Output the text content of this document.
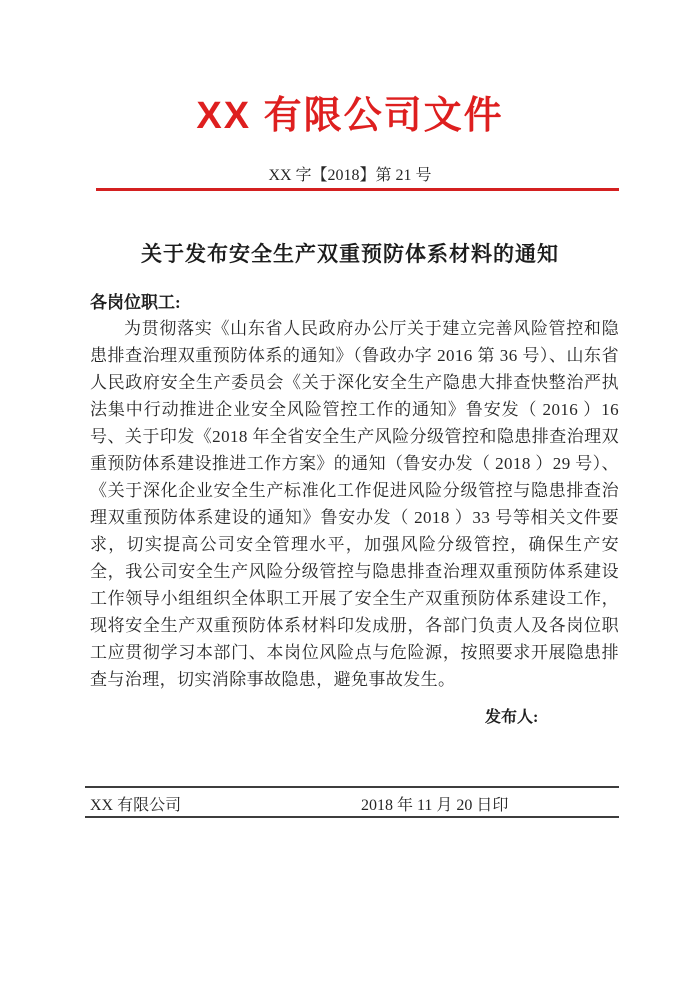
XX 有限公司文件
XX 字【2018】第 21 号
关于发布安全生产双重预防体系材料的通知
各岗位职工:

为贯彻落实《山东省人民政府办公厅关于建立完善风险管控和隐患排查治理双重预防体系的通知》（鲁政办字 2016 第 36 号）、山东省人民政府安全生产委员会《关于深化安全生产隐患大排查快整治严执法集中行动推进企业安全风险管控工作的通知》鲁安发（ 2016 ）16 号、关于印发《2018 年全省安全生产风险分级管控和隐患排查治理双重预防体系建设推进工作方案》的通知（鲁安办发（ 2018 ）29 号）、《关于深化企业安全生产标准化工作促进风险分级管控与隐患排查治理双重预防体系建设的通知》鲁安办发（ 2018 ）33 号等相关文件要求，切实提高公司安全管理水平，加强风险分级管控，确保生产安全，我公司安全生产风险分级管控与隐患排查治理双重预防体系建设工作领导小组组织全体职工开展了安全生产双重预防体系建设工作，现将安全生产双重预防体系材料印发成册，各部门负责人及各岗位职工应贯彻学习本部门、本岗位风险点与危险源，按照要求开展隐患排查与治理，切实消除事故隐患，避免事故发生。

发布人:
XX 有限公司	2018 年 11 月 20 日印
